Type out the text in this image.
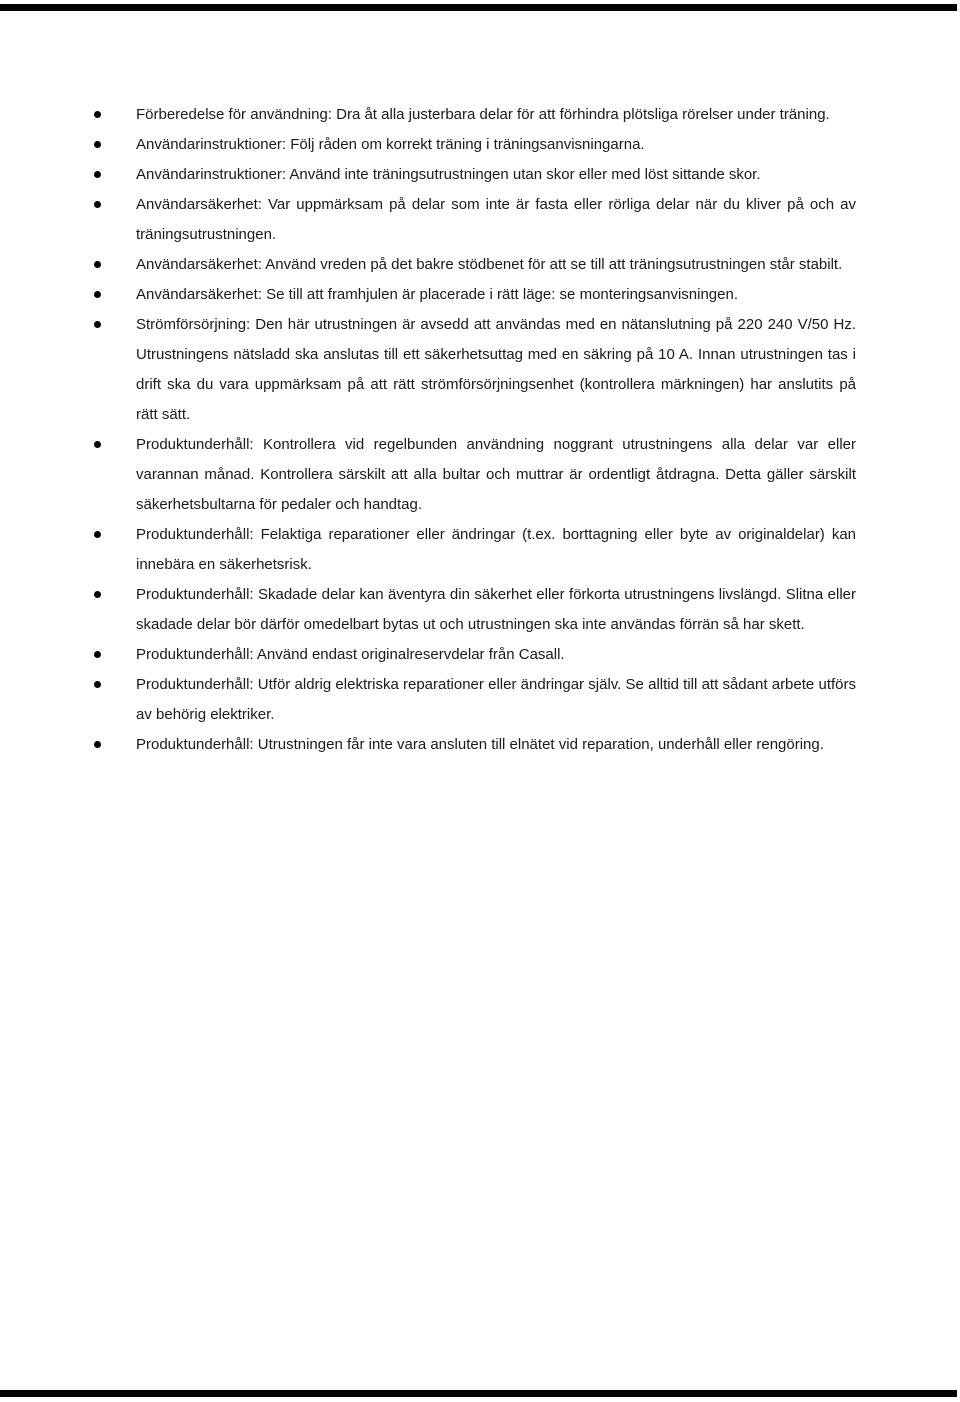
Förberedelse för användning: Dra åt alla justerbara delar för att förhindra plötsliga rörelser under träning.
Användarinstruktioner: Följ råden om korrekt träning i träningsanvisningarna.
Användarinstruktioner: Använd inte träningsutrustningen utan skor eller med löst sittande skor.
Användarsäkerhet: Var uppmärksam på delar som inte är fasta eller rörliga delar när du kliver på och av träningsutrustningen.
Användarsäkerhet: Använd vreden på det bakre stödbenet för att se till att träningsutrustningen står stabilt.
Användarsäkerhet: Se till att framhjulen är placerade i rätt läge: se monteringsanvisningen.
Strömförsörjning: Den här utrustningen är avsedd att användas med en nätanslutning på 220 240 V/50 Hz. Utrustningens nätsladd ska anslutas till ett säkerhetsuttag med en säkring på 10 A. Innan utrustningen tas i drift ska du vara uppmärksam på att rätt strömförsörjningsenhet (kontrollera märkningen) har anslutits på rätt sätt.
Produktunderhåll: Kontrollera vid regelbunden användning noggrant utrustningens alla delar var eller varannan månad. Kontrollera särskilt att alla bultar och muttrar är ordentligt åtdragna. Detta gäller särskilt säkerhetsbultarna för pedaler och handtag.
Produktunderhåll: Felaktiga reparationer eller ändringar (t.ex. borttagning eller byte av originaldelar) kan innebära en säkerhetsrisk.
Produktunderhåll: Skadade delar kan äventyra din säkerhet eller förkorta utrustningens livslängd. Slitna eller skadade delar bör därför omedelbart bytas ut och utrustningen ska inte användas förrän så har skett.
Produktunderhåll: Använd endast originalreservdelar från Casall.
Produktunderhåll: Utför aldrig elektriska reparationer eller ändringar själv. Se alltid till att sådant arbete utförs av behörig elektriker.
Produktunderhåll: Utrustningen får inte vara ansluten till elnätet vid reparation, underhåll eller rengöring.
